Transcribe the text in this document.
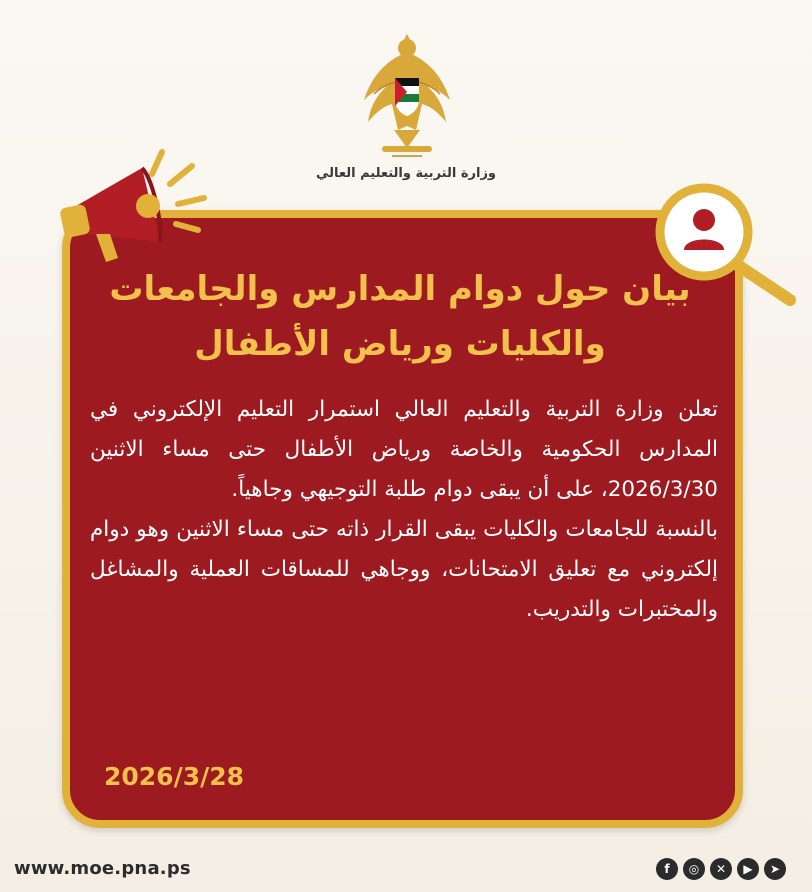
وزارة التربية والتعليم العالي
بيان حول دوام المدارس والجامعات
والكليات ورياض الأطفال

تعلن وزارة التربية والتعليم العالي استمرار التعليم الإلكتروني في المدارس الحكومية والخاصة ورياض الأطفال حتى مساء الاثنين 2026/3/30، على أن يبقى دوام طلبة التوجيهي وجاهياً.

بالنسبة للجامعات والكليات يبقى القرار ذاته حتى مساء الاثنين وهو دوام إلكتروني مع تعليق الامتحانات، ووجاهي للمساقات العملية والمشاغل والمختبرات والتدريب.

2026/3/28
www.moe.pna.ps	f	◎	✕	▶	➤
